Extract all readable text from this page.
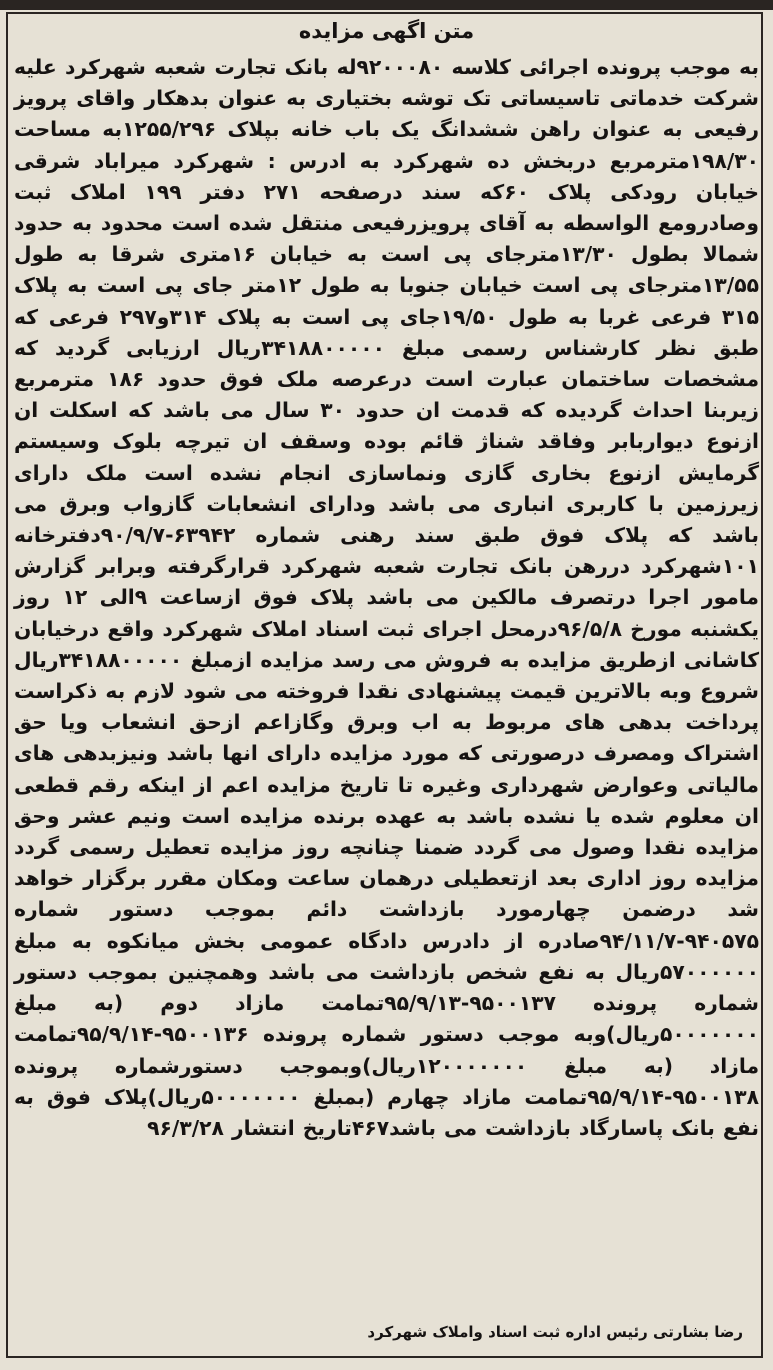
متن اگهی مزایده

به موجب پرونده اجرائی کلاسه ۹۲۰۰۰۸۰له بانک تجارت شعبه شهرکرد علیه شرکت خدماتی تاسیساتی تک توشه بختیاری به عنوان بدهکار واقای پرویز رفیعی به عنوان راهن ششدانگ یک باب خانه بپلاک ۱۲۵۵/۲۹۶به مساحت ۱۹۸/۳۰مترمربع دربخش ده شهرکرد به ادرس : شهرکرد میراباد شرقی خیابان رودکی پلاک ۶۰که سند درصفحه ۲۷۱ دفتر ۱۹۹ املاک ثبت وصادرومع الواسطه به آقای پرویزرفیعی منتقل شده است محدود به حدود شمالا بطول ۱۳/۳۰مترجای پی است به خیابان ۱۶متری شرقا به طول ۱۳/۵۵مترجای پی است خیابان جنوبا به طول ۱۲متر جای پی است به پلاک ۳۱۵ فرعی غربا به طول ۱۹/۵۰جای پی است به پلاک ۳۱۴و۲۹۷ فرعی که طبق نظر کارشناس رسمی مبلغ ۳۴۱۸۸۰۰۰۰۰ریال ارزیابی گردید که مشخصات ساختمان عبارت است درعرصه ملک فوق حدود ۱۸۶ مترمربع زیربنا احداث گردیده که قدمت ان حدود ۳۰ سال می باشد که اسکلت ان ازنوع دیواربابر وفاقد شناژ قائم بوده وسقف ان تیرچه بلوک وسیستم گرمایش ازنوع بخاری گازی ونماسازی انجام نشده است ملک دارای زیرزمین با کاربری انباری می باشد ودارای انشعابات گازواب وبرق می باشد که پلاک فوق طبق سند رهنی شماره ۶۳۹۴۲-۹۰/۹/۷دفترخانه ۱۰۱شهرکرد دررهن بانک تجارت شعبه شهرکرد قرارگرفته وبرابر گزارش مامور اجرا درتصرف مالکین می باشد پلاک فوق ازساعت ۹الی ۱۲ روز یکشنبه مورخ ۹۶/۵/۸درمحل اجرای ثبت اسناد املاک شهرکرد واقع درخیابان کاشانی ازطریق مزایده به فروش می رسد مزایده ازمبلغ ۳۴۱۸۸۰۰۰۰۰ریال شروع وبه بالاترین قیمت پیشنهادی نقدا فروخته می شود لازم به ذکراست پرداخت بدهی های مربوط به اب وبرق وگازاعم ازحق انشعاب ویا حق اشتراک ومصرف درصورتی که مورد مزایده دارای انها باشد ونیزبدهی های مالیاتی وعوارض شهرداری وغیره تا تاریخ مزایده اعم از اینکه رقم قطعی ان معلوم شده یا نشده باشد به عهده برنده مزایده است ونیم عشر وحق مزایده نقدا وصول می گردد ضمنا چنانچه روز مزایده تعطیل رسمی گردد مزایده روز اداری بعد ازتعطیلی درهمان ساعت ومکان مقرر برگزار خواهد شد درضمن چهارمورد بازداشت دائم بموجب دستور شماره ۹۴۰۵۷۵-۹۴/۱۱/۷صادره از دادرس دادگاه عمومی بخش میانکوه به مبلغ ۵۷۰۰۰۰۰۰ریال به نفع شخص بازداشت می باشد وهمچنین بموجب دستور شماره پرونده ۹۵۰۰۱۳۷-۹۵/۹/۱۳تمامت مازاد دوم (به مبلغ ۵۰۰۰۰۰۰۰ریال)وبه موجب دستور شماره پرونده ۹۵۰۰۱۳۶-۹۵/۹/۱۴تمامت مازاد (به مبلغ ۱۲۰۰۰۰۰۰۰ریال)وبموجب دستورشماره پرونده ۹۵۰۰۱۳۸-۹۵/۹/۱۴تمامت مازاد چهارم (بمبلغ ۵۰۰۰۰۰۰۰ریال)پلاک فوق به نفع بانک پاسارگاد بازداشت می باشد۴۶۷تاریخ انتشار ۹۶/۳/۲۸

رضا بشارتی رئیس اداره ثبت اسناد واملاک شهرکرد
